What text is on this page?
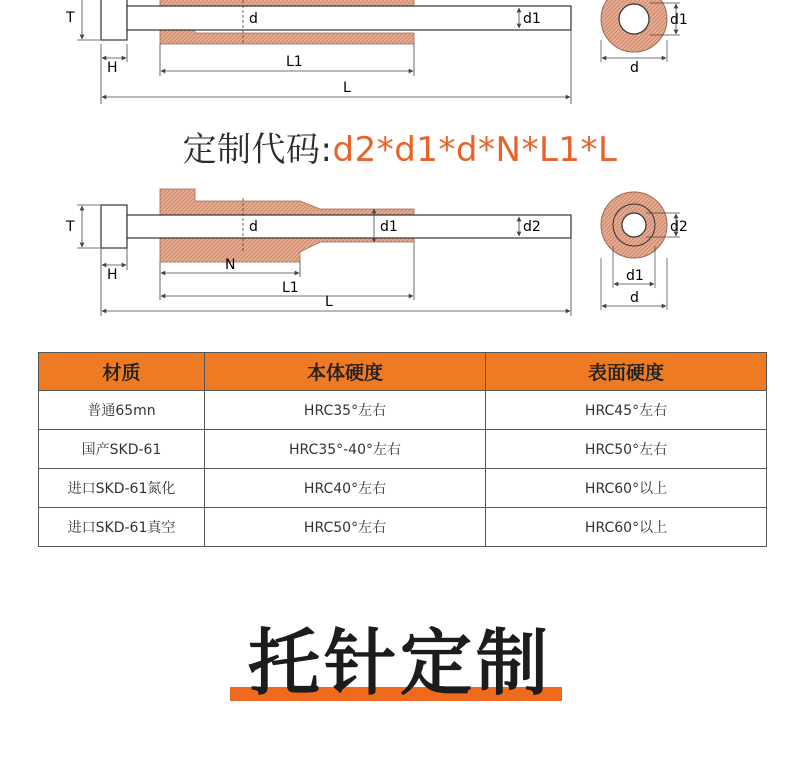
d	d1
T
H	L1
L
d1
d
d	d1	d2
T
H
N
L1
L
d2
d1
d
定制代码:d2*d1*d*N*L1*L
材质	本体硬度	表面硬度
普通65mn	HRC35°左右	HRC45°左右
国产SKD-61	HRC35°-40°左右	HRC50°左右
进口SKD-61氮化	HRC40°左右	HRC60°以上
进口SKD-61真空	HRC50°左右	HRC60°以上
托针定制
